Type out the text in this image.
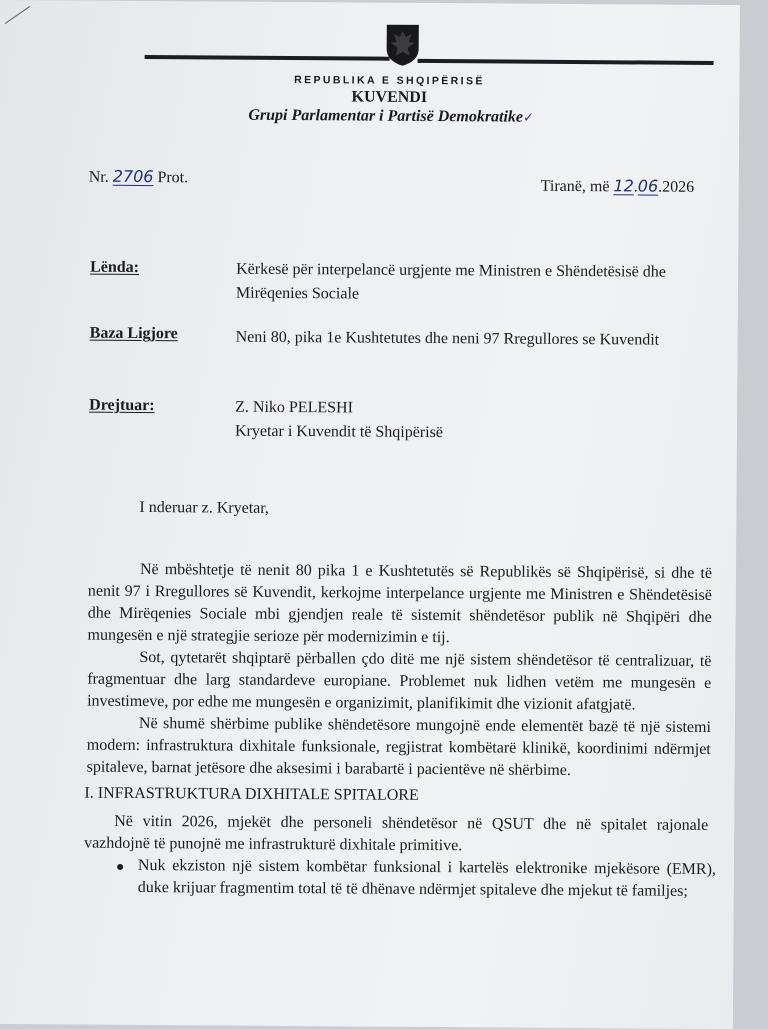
REPUBLIKA E SHQIPËRISË
KUVENDI
Grupi Parlamentar i Partisë Demokratike✓
Nr. 2706 Prot.
Tiranë, më 12.06.2026
Lënda:	Kërkesë për interpelancë urgjente me Ministren e Shëndetësisë dhe
Mirëqenies Sociale
Baza Ligjore	Neni 80, pika 1e Kushtetutes dhe neni 97 Rregullores se Kuvendit
Drejtuar:	Z. Niko PELESHI
Kryetar i Kuvendit të Shqipërisë
I nderuar z. Kryetar,

Në mbështetje të nenit 80 pika 1 e Kushtetutës së Republikës së Shqipërisë, si dhe të nenit 97 i Rregullores së Kuvendit, kerkojme interpelance urgjente me Ministren e Shëndetësisë dhe Mirëqenies Sociale mbi gjendjen reale të sistemit shëndetësor publik në Shqipëri dhe mungesën e një strategjie serioze për modernizimin e tij.

Sot, qytetarët shqiptarë përballen çdo ditë me një sistem shëndetësor të centralizuar, të fragmentuar dhe larg standardeve europiane. Problemet nuk lidhen vetëm me mungesën e investimeve, por edhe me mungesën e organizimit, planifikimit dhe vizionit afatgjatë.

Në shumë shërbime publike shëndetësore mungojnë ende elementët bazë të një sistemi modern: infrastruktura dixhitale funksionale, regjistrat kombëtarë klinikë, koordinimi ndërmjet spitaleve, barnat jetësore dhe aksesimi i barabartë i pacientëve në shërbime.

I. INFRASTRUKTURA DIXHITALE SPITALORE

Në vitin 2026, mjekët dhe personeli shëndetësor në QSUT dhe në spitalet rajonale vazhdojnë të punojnë me infrastrukturë dixhitale primitive.

● Nuk ekziston një sistem kombëtar funksional i kartelës elektronike mjekësore (EMR), duke krijuar fragmentim total të të dhënave ndërmjet spitaleve dhe mjekut të familjes;
